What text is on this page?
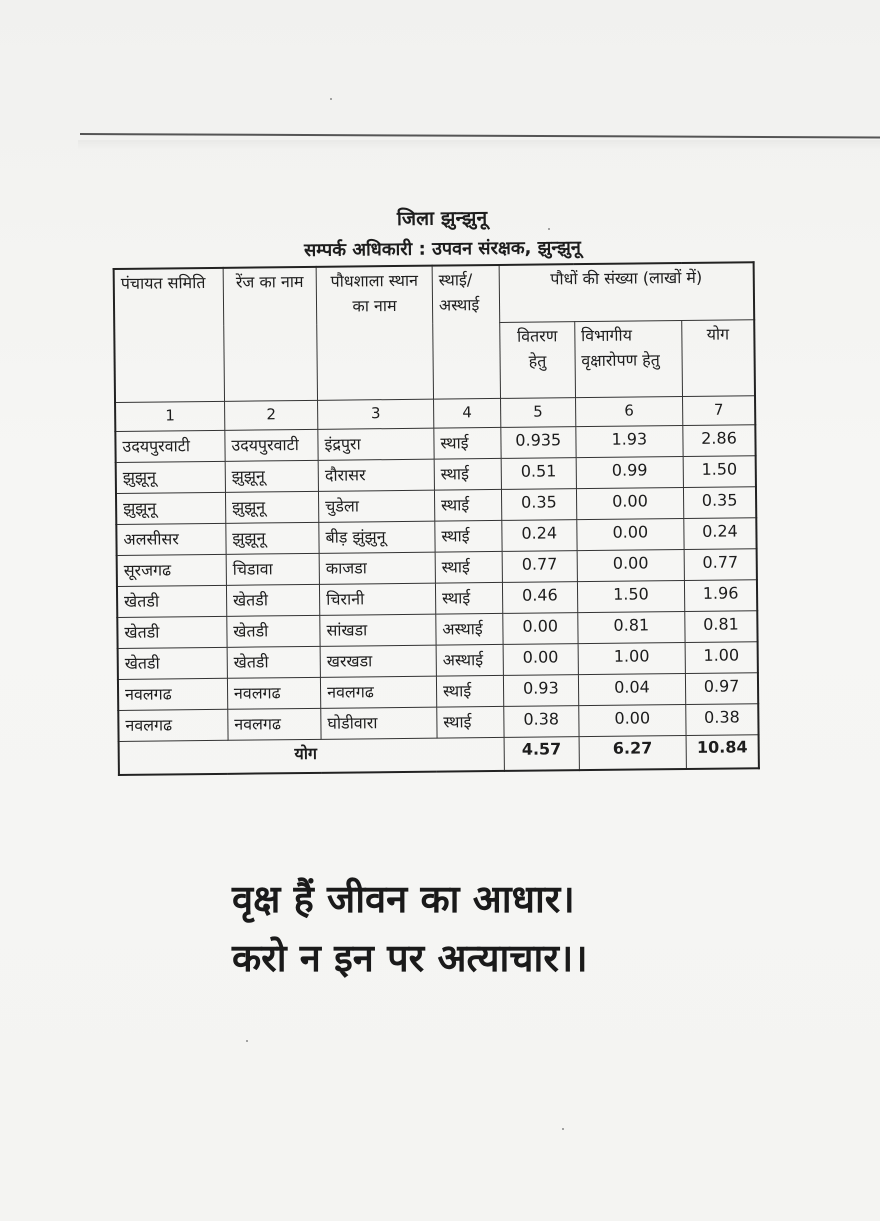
जिला झुन्झुनू
सम्पर्क अधिकारी : उपवन संरक्षक, झुन्झुनू
पंचायत समिति	रेंज का नाम	पौधशाला स्थान का नाम	स्थाई/ अस्थाई	पौधों की संख्या (लाखों में)		
				वितरण हेतु	विभागीय वृक्षारोपण हेतु	योग
1	2	3	4	5	6	7
उदयपुरवाटी	उदयपुरवाटी	इंद्रपुरा	स्थाई	0.935	1.93	2.86
झुझूनू	झुझूनू	दौरासर	स्थाई	0.51	0.99	1.50
झुझूनू	झुझूनू	चुडेला	स्थाई	0.35	0.00	0.35
अलसीसर	झुझूनू	बीड़ झुंझुनू	स्थाई	0.24	0.00	0.24
सूरजगढ	चिडावा	काजडा	स्थाई	0.77	0.00	0.77
खेतडी	खेतडी	चिरानी	स्थाई	0.46	1.50	1.96
खेतडी	खेतडी	सांखडा	अस्थाई	0.00	0.81	0.81
खेतडी	खेतडी	खरखडा	अस्थाई	0.00	1.00	1.00
नवलगढ	नवलगढ	नवलगढ	स्थाई	0.93	0.04	0.97
नवलगढ	नवलगढ	घोडीवारा	स्थाई	0.38	0.00	0.38
योग				4.57	6.27	10.84
वृक्ष हैं जीवन का आधार।
करो न इन पर अत्याचार।।
